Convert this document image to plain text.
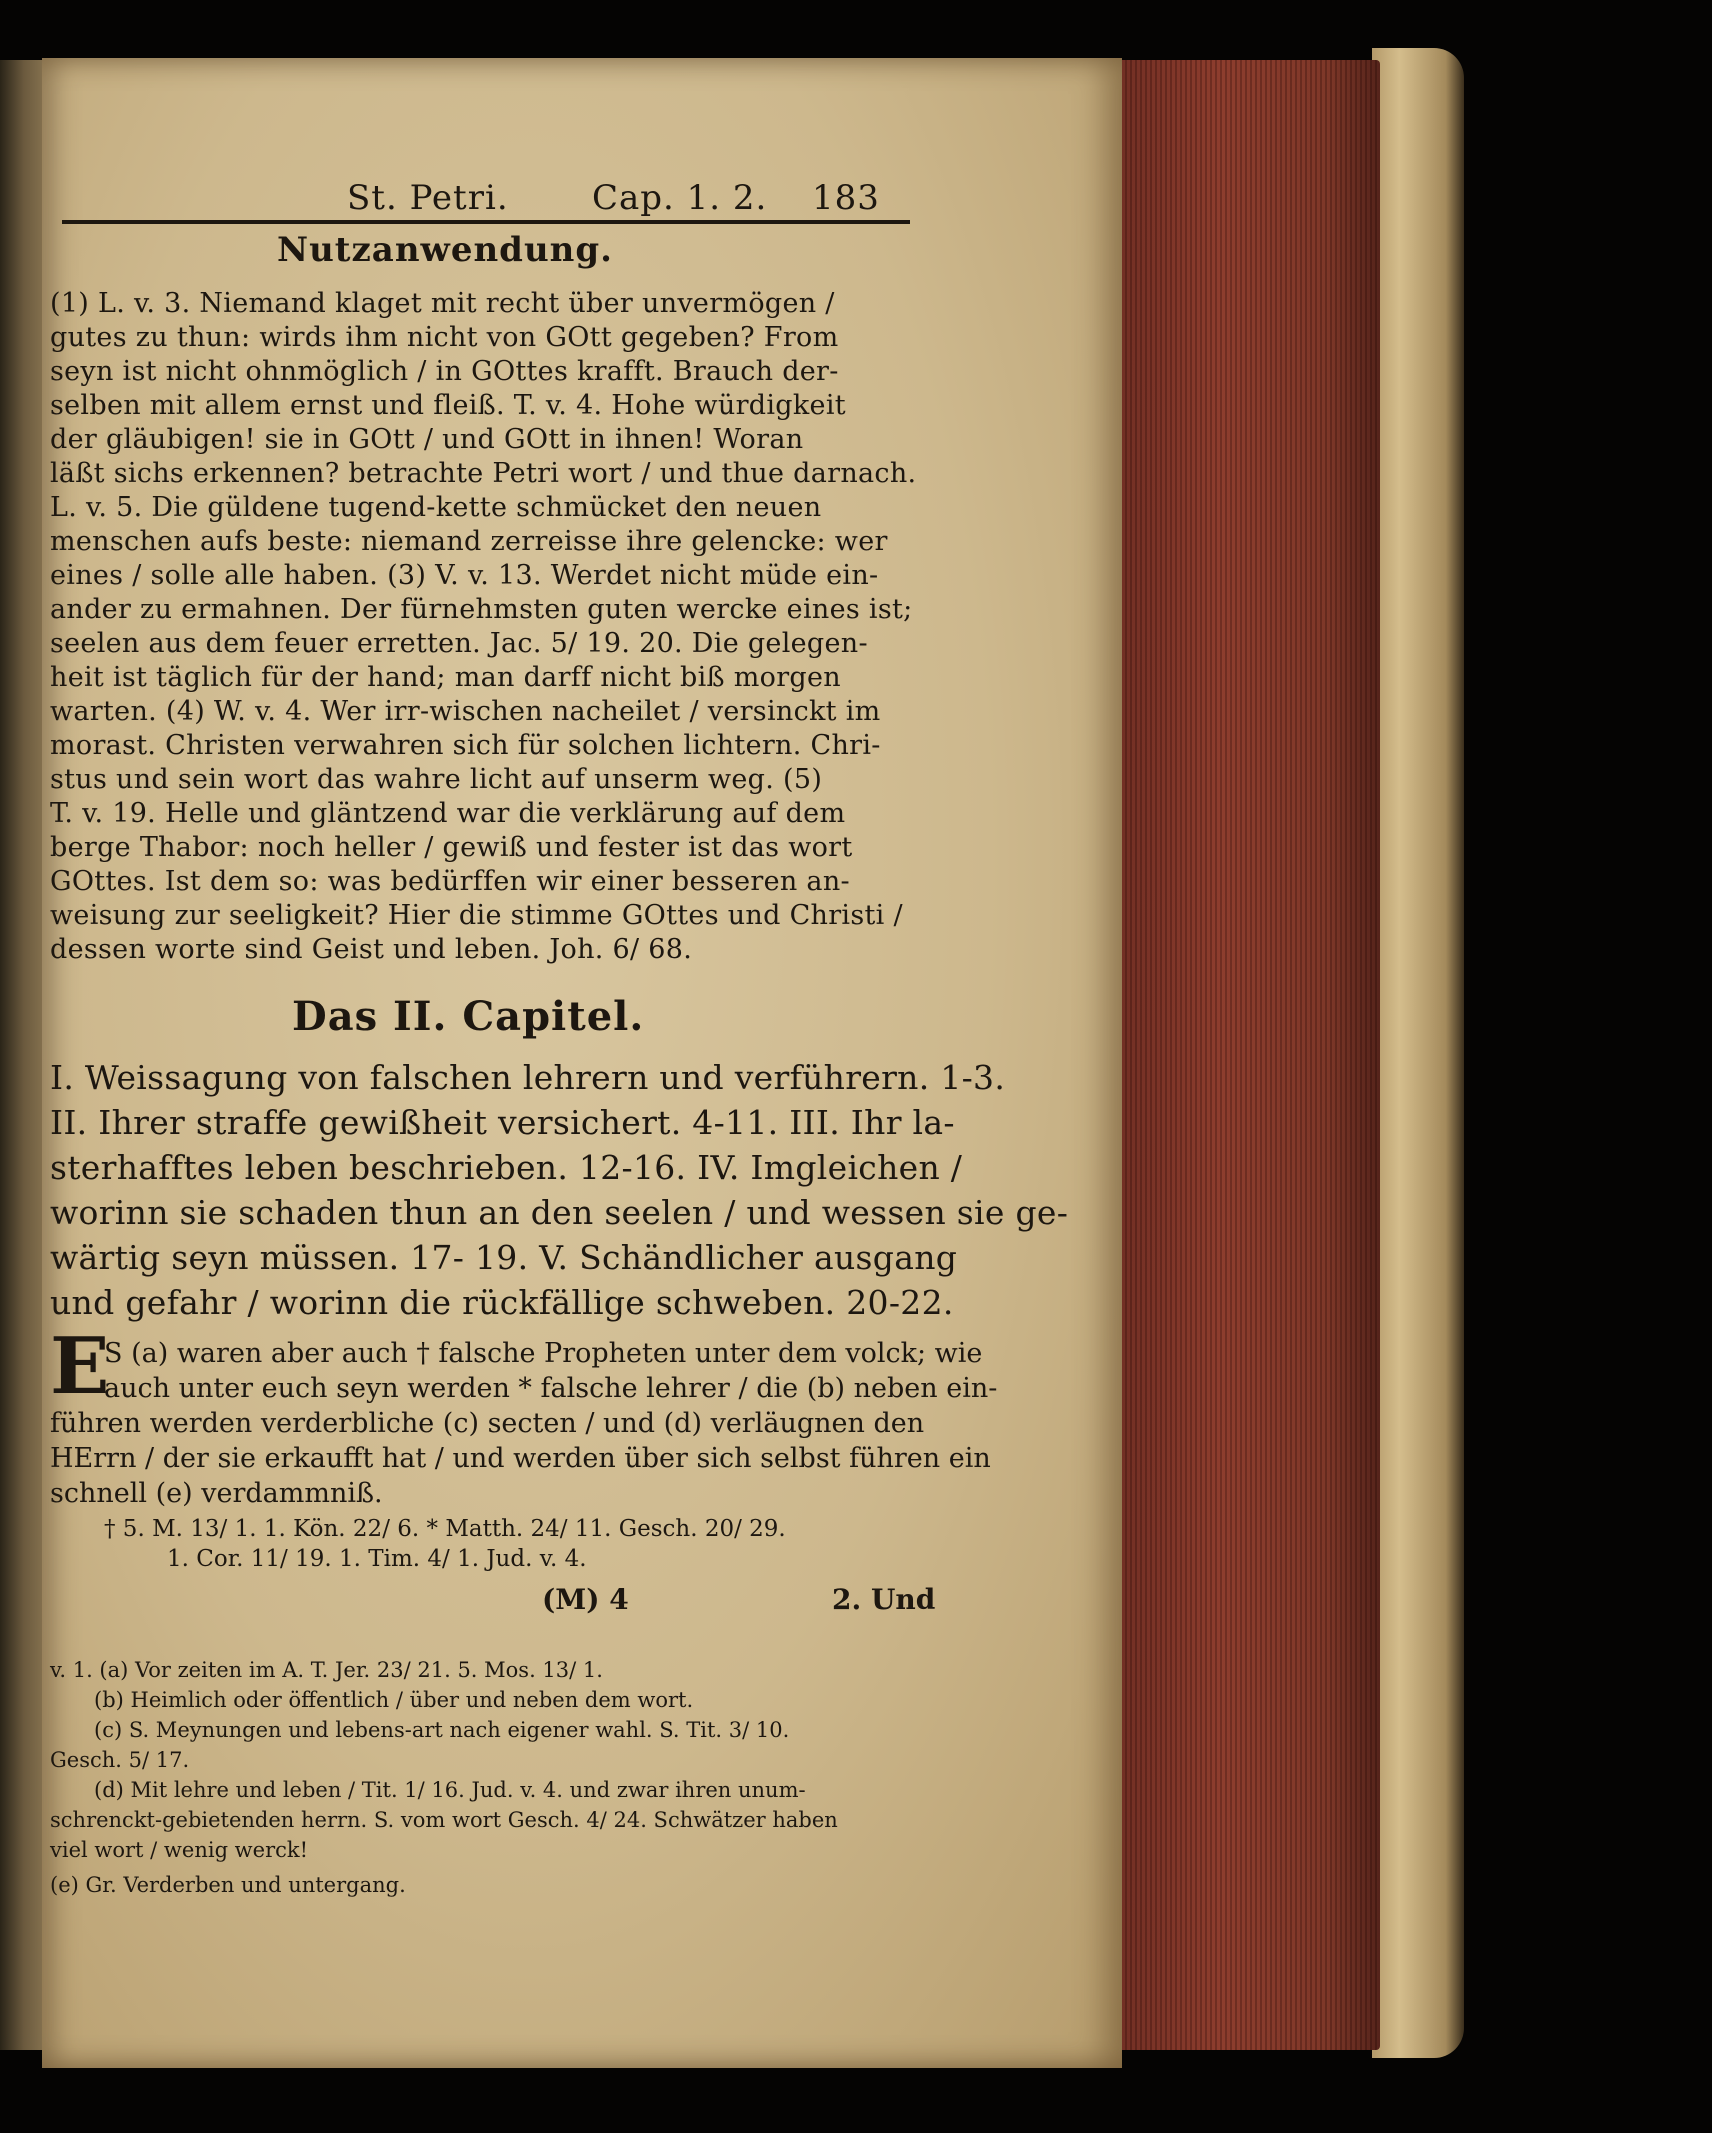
St. Petri. Cap. 1. 2. 183
Nutzanwendung.
(1) L. v. 3. Niemand klaget mit recht über unvermögen /
gutes zu thun: wirds ihm nicht von GOtt gegeben? From
seyn ist nicht ohnmöglich / in GOttes krafft. Brauch der-
selben mit allem ernst und fleiß. T. v. 4. Hohe würdigkeit
der gläubigen! sie in GOtt / und GOtt in ihnen! Woran
läßt sichs erkennen? betrachte Petri wort / und thue darnach.
L. v. 5. Die güldene tugend-kette schmücket den neuen
menschen aufs beste: niemand zerreisse ihre gelencke: wer
eines / solle alle haben. (3) V. v. 13. Werdet nicht müde ein-
ander zu ermahnen. Der fürnehmsten guten wercke eines ist;
seelen aus dem feuer erretten. Jac. 5/ 19. 20. Die gelegen-
heit ist täglich für der hand; man darff nicht biß morgen
warten. (4) W. v. 4. Wer irr-wischen nacheilet / versinckt im
morast. Christen verwahren sich für solchen lichtern. Chri-
stus und sein wort das wahre licht auf unserm weg. (5)
T. v. 19. Helle und gläntzend war die verklärung auf dem
berge Thabor: noch heller / gewiß und fester ist das wort
GOttes. Ist dem so: was bedürffen wir einer besseren an-
weisung zur seeligkeit? Hier die stimme GOttes und Christi /
dessen worte sind Geist und leben. Joh. 6/ 68.
Das II. Capitel.
I. Weissagung von falschen lehrern und verführern. 1-3.
II. Ihrer straffe gewißheit versichert. 4-11. III. Ihr la-
sterhafftes leben beschrieben. 12-16. IV. Imgleichen /
worinn sie schaden thun an den seelen / und wessen sie ge-
wärtig seyn müssen. 17- 19. V. Schändlicher ausgang
und gefahr / worinn die rückfällige schweben. 20-22.
E
S (a) waren aber auch † falsche Propheten unter dem volck; wie
auch unter euch seyn werden * falsche lehrer / die (b) neben ein-
führen werden verderbliche (c) secten / und (d) verläugnen den
HErrn / der sie erkaufft hat / und werden über sich selbst führen ein
schnell (e) verdammniß.
† 5. M. 13/ 1. 1. Kön. 22/ 6. * Matth. 24/ 11. Gesch. 20/ 29.
1. Cor. 11/ 19. 1. Tim. 4/ 1. Jud. v. 4.
(M) 4	2. Und
v. 1. (a) Vor zeiten im A. T. Jer. 23/ 21. 5. Mos. 13/ 1.
(b) Heimlich oder öffentlich / über und neben dem wort.
(c) S. Meynungen und lebens-art nach eigener wahl. S. Tit. 3/ 10.
Gesch. 5/ 17.
(d) Mit lehre und leben / Tit. 1/ 16. Jud. v. 4. und zwar ihren unum-
schrenckt-gebietenden herrn. S. vom wort Gesch. 4/ 24. Schwätzer haben
viel wort / wenig werck!
(e) Gr. Verderben und untergang.
